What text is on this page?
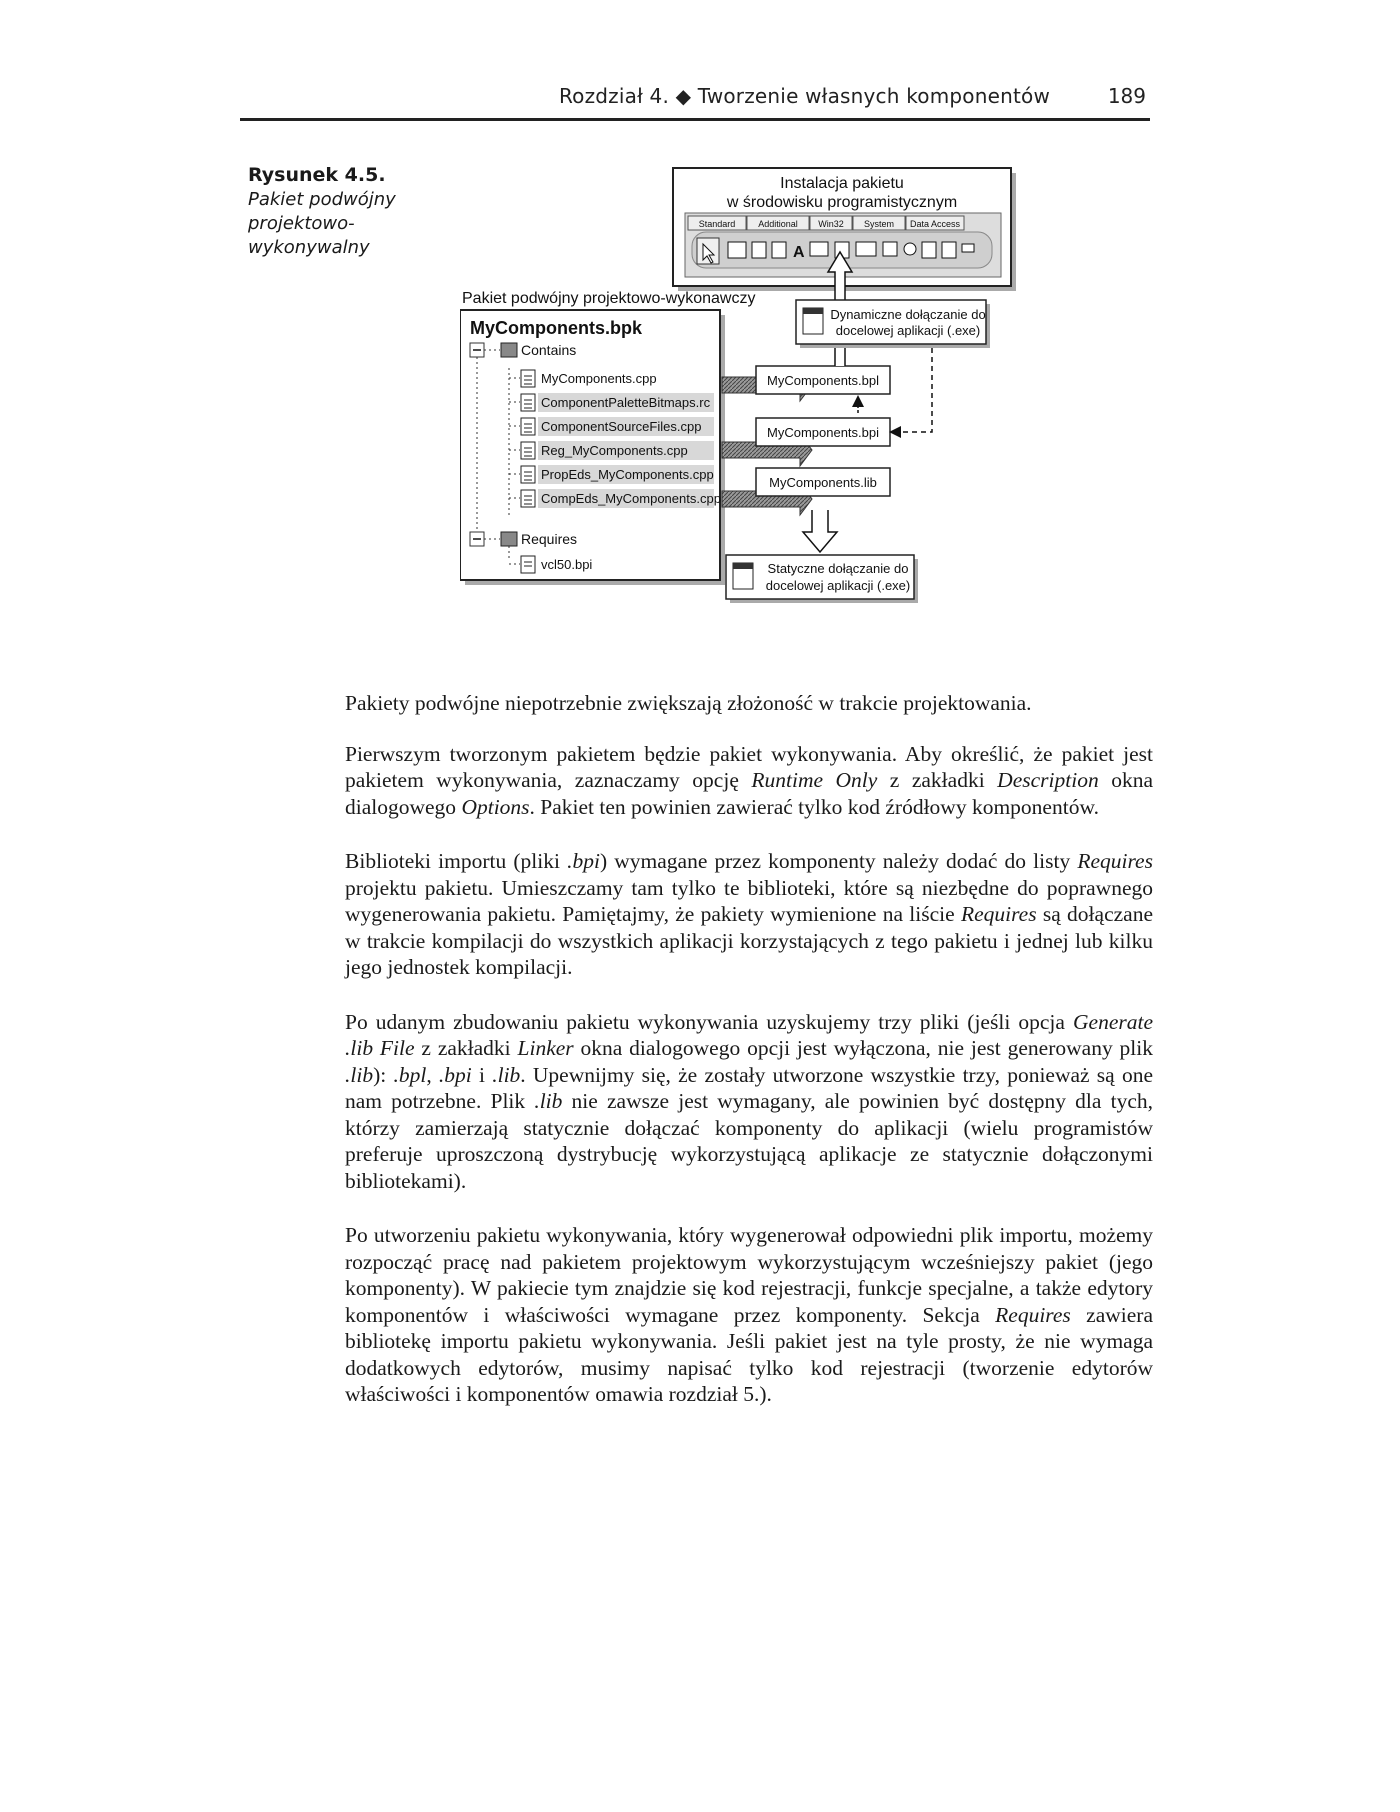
Rozdział 4. ◆ Tworzenie własnych komponentów	189
Rysunek 4.5.
Pakiet podwójny projektowo-wykonywalny
Instalacja pakietu
w środowisku programistycznym
Standard	Additional Win32 System Data Access
A
Pakiet podwójny projektowo-wykonawczy
MyComponents.bpk
Contains
MyComponents.cpp
ComponentPaletteBitmaps.rc
ComponentSourceFiles.cpp
Reg_MyComponents.cpp
PropEds_MyComponents.cpp
CompEds_MyComponents.cpp
Requires
vcl50.bpi
MyComponents.bpl
MyComponents.bpi
MyComponents.lib
Dynamiczne dołączanie do
docelowej aplikacji (.exe)
Statyczne dołączanie do
docelowej aplikacji (.exe)

Pakiety podwójne niepotrzebnie zwiększają złożoność w trakcie projektowania.

Pierwszym tworzonym pakietem będzie pakiet wykonywania. Aby określić, że pakiet jest pakietem wykonywania, zaznaczamy opcję Runtime Only z zakładki Description okna dialogowego Options. Pakiet ten powinien zawierać tylko kod źródłowy komponentów.

Biblioteki importu (pliki .bpi) wymagane przez komponenty należy dodać do listy Requires projektu pakietu. Umieszczamy tam tylko te biblioteki, które są niezbędne do poprawnego wygenerowania pakietu. Pamiętajmy, że pakiety wymienione na liście Requires są dołączane w trakcie kompilacji do wszystkich aplikacji korzystających z tego pakietu i jednej lub kilku jego jednostek kompilacji.

Po udanym zbudowaniu pakietu wykonywania uzyskujemy trzy pliki (jeśli opcja Generate .lib File z zakładki Linker okna dialogowego opcji jest wyłączona, nie jest generowany plik .lib): .bpl, .bpi i .lib. Upewnijmy się, że zostały utworzone wszystkie trzy, ponieważ są one nam potrzebne. Plik .lib nie zawsze jest wymagany, ale powinien być dostępny dla tych, którzy zamierzają statycznie dołączać komponenty do aplikacji (wielu programistów preferuje uproszczoną dystrybucję wykorzystującą aplikacje ze statycznie dołączonymi bibliotekami).

Po utworzeniu pakietu wykonywania, który wygenerował odpowiedni plik importu, możemy rozpocząć pracę nad pakietem projektowym wykorzystującym wcześniejszy pakiet (jego komponenty). W pakiecie tym znajdzie się kod rejestracji, funkcje specjalne, a także edytory komponentów i właściwości wymagane przez komponenty. Sekcja Requires zawiera bibliotekę importu pakietu wykonywania. Jeśli pakiet jest na tyle prosty, że nie wymaga dodatkowych edytorów, musimy napisać tylko kod rejestracji (tworzenie edytorów właściwości i komponentów omawia rozdział 5.).
